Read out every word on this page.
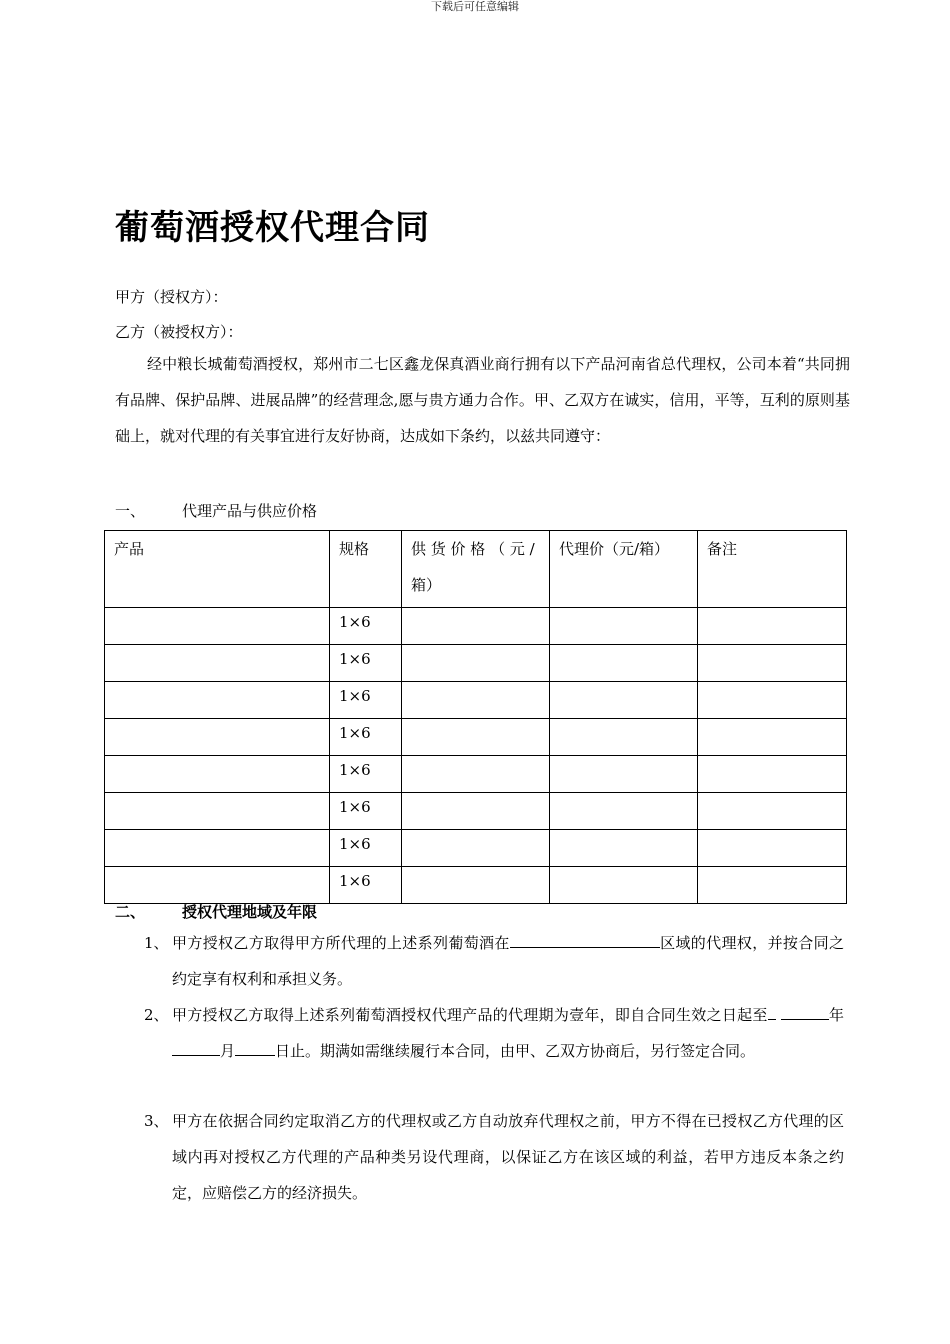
下载后可任意编辑
葡萄酒授权代理合同
甲方（授权方）：
乙方（被授权方）：
经中粮长城葡萄酒授权，郑州市二七区鑫龙保真酒业商行拥有以下产品河南省总代理权，公司本着“共同拥有品牌、保护品牌、进展品牌”的经营理念,愿与贵方通力合作。甲、乙双方在诚实，信用，平等，互利的原则基础上，就对代理的有关事宜进行友好协商，达成如下条约，以兹共同遵守：
一、 代理产品与供应价格
产品	规格	供 货 价 格 （ 元 / 箱）	代理价（元/箱）	备注
	1×6			
	1×6			
	1×6			
	1×6			
	1×6			
	1×6			
	1×6			
	1×6			
二、 授权代理地域及年限
1、 甲方授权乙方取得甲方所代理的上述系列葡萄酒在	区域的代理权，并按合同之约定享有权利和承担义务。
2、 甲方授权乙方取得上述系列葡萄酒授权代理产品的代理期为壹年，即自合同生效之日起至	年 月	日止。期满如需继续履行本合同，由甲、乙双方协商后，另行签定合同。
3、 甲方在依据合同约定取消乙方的代理权或乙方自动放弃代理权之前，甲方不得在已授权乙方代理的区域内再对授权乙方代理的产品种类另设代理商，以保证乙方在该区域的利益，若甲方违反本条之约定，应赔偿乙方的经济损失。
